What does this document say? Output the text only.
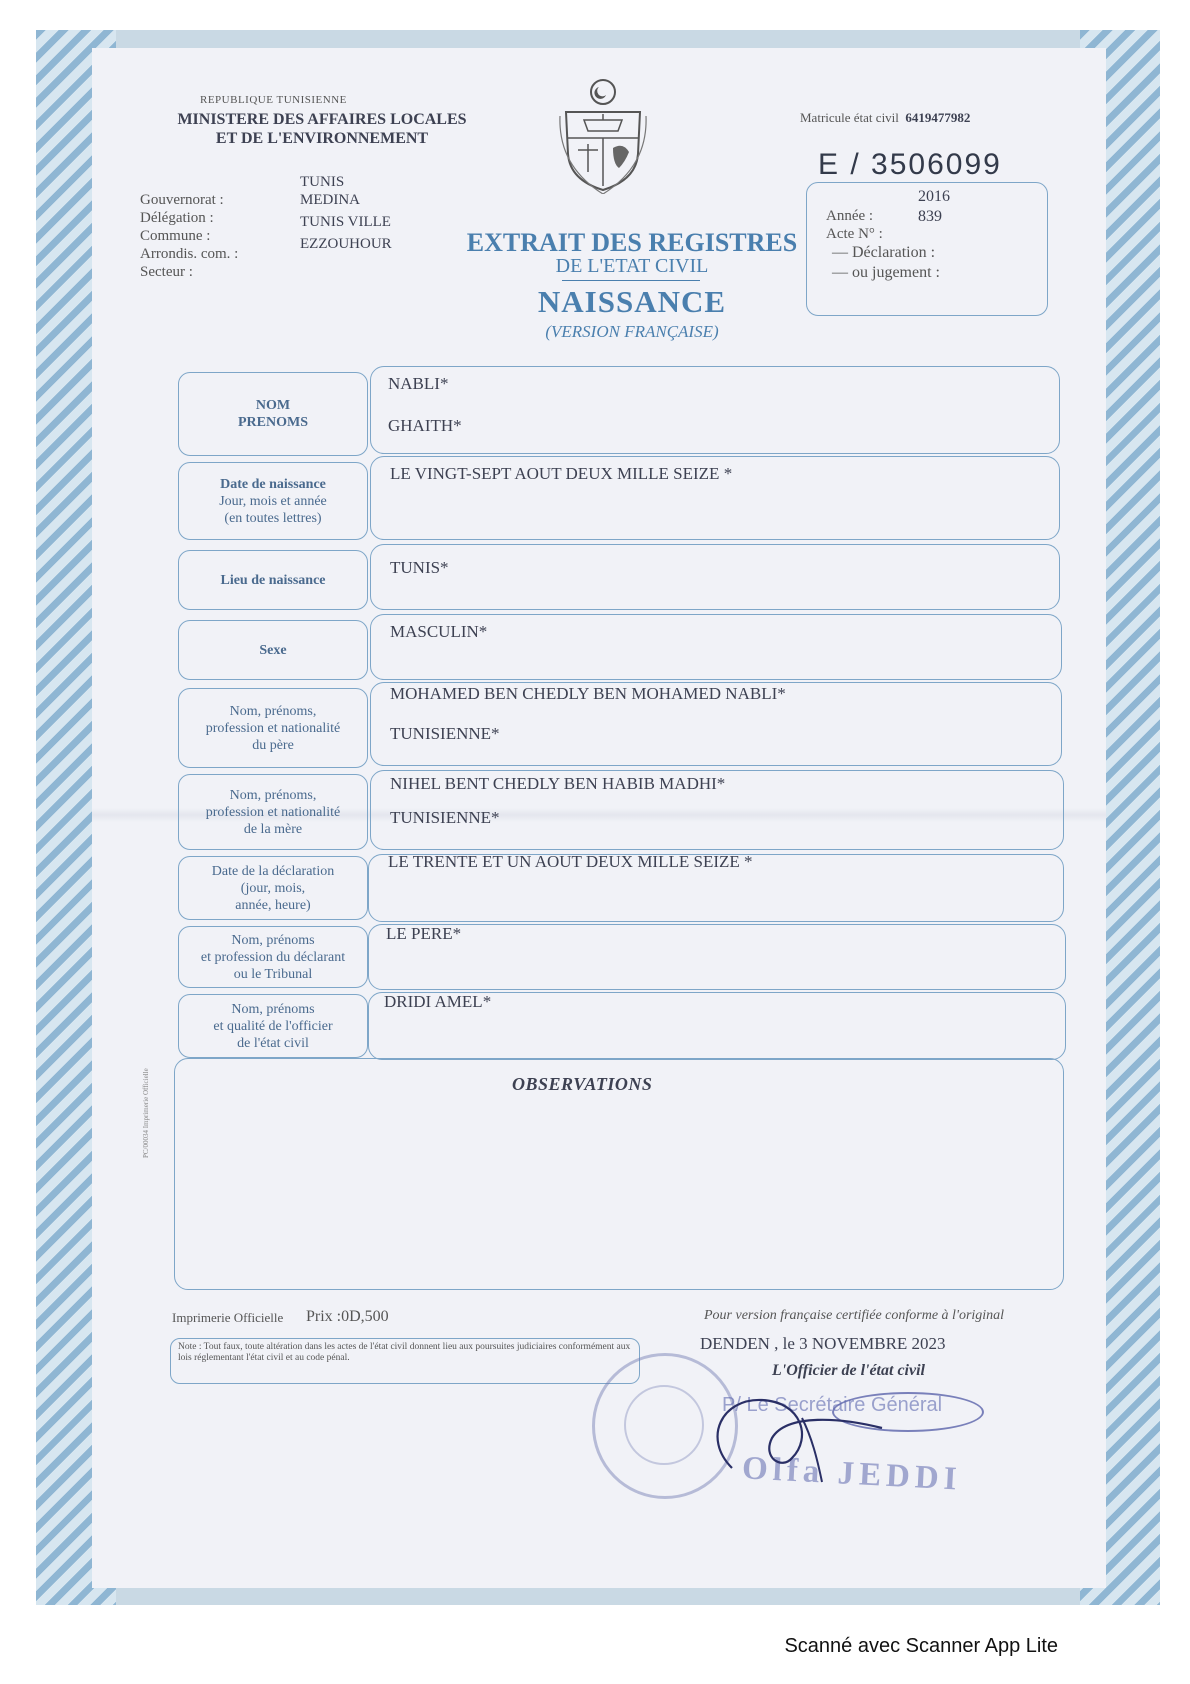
REPUBLIQUE TUNISIENNE
MINISTERE DES AFFAIRES LOCALES
ET DE L'ENVIRONNEMENT
Gouvernorat :
TUNIS
Délégation :
MEDINA
Commune :
TUNIS VILLE
Arrondis. com. :
EZZOUHOUR
Secteur :
EXTRAIT DES REGISTRES
DE L'ETAT CIVIL
NAISSANCE
(VERSION FRANÇAISE)
Matricule état civil 6419477982
E / 3506099
Année :
2016
Acte N° :
839
— Déclaration :
— ou jugement :
NOM
PRENOMS
NABLI*
GHAITH*
Date de naissance
Jour, mois et année
(en toutes lettres)
LE VINGT-SEPT AOUT DEUX MILLE SEIZE *
Lieu de naissance
TUNIS*
Sexe
MASCULIN*
Nom, prénoms,
profession et nationalité
du père
MOHAMED BEN CHEDLY BEN MOHAMED NABLI*
TUNISIENNE*
Nom, prénoms,
profession et nationalité
de la mère
NIHEL BENT CHEDLY BEN HABIB MADHI*
TUNISIENNE*
Date de la déclaration
(jour, mois,
année, heure)
LE TRENTE ET UN AOUT DEUX MILLE SEIZE *
Nom, prénoms
et profession du déclarant
ou le Tribunal
LE PERE*
Nom, prénoms
et qualité de l'officier
de l'état civil
DRIDI AMEL*
OBSERVATIONS
PC/00034 Imprimerie Officielle
Imprimerie Officielle Prix :0D,500
Note : Tout faux, toute altération dans les actes de l'état civil donnent lieu aux poursuites judiciaires conformément aux lois réglementant l'état civil et au code pénal.
Pour version française certifiée conforme à l'original
DENDEN , le 3 NOVEMBRE 2023
L'Officier de l'état civil
P/ Le Secrétaire Général
Olfa JEDDI
Scanné avec Scanner App Lite
